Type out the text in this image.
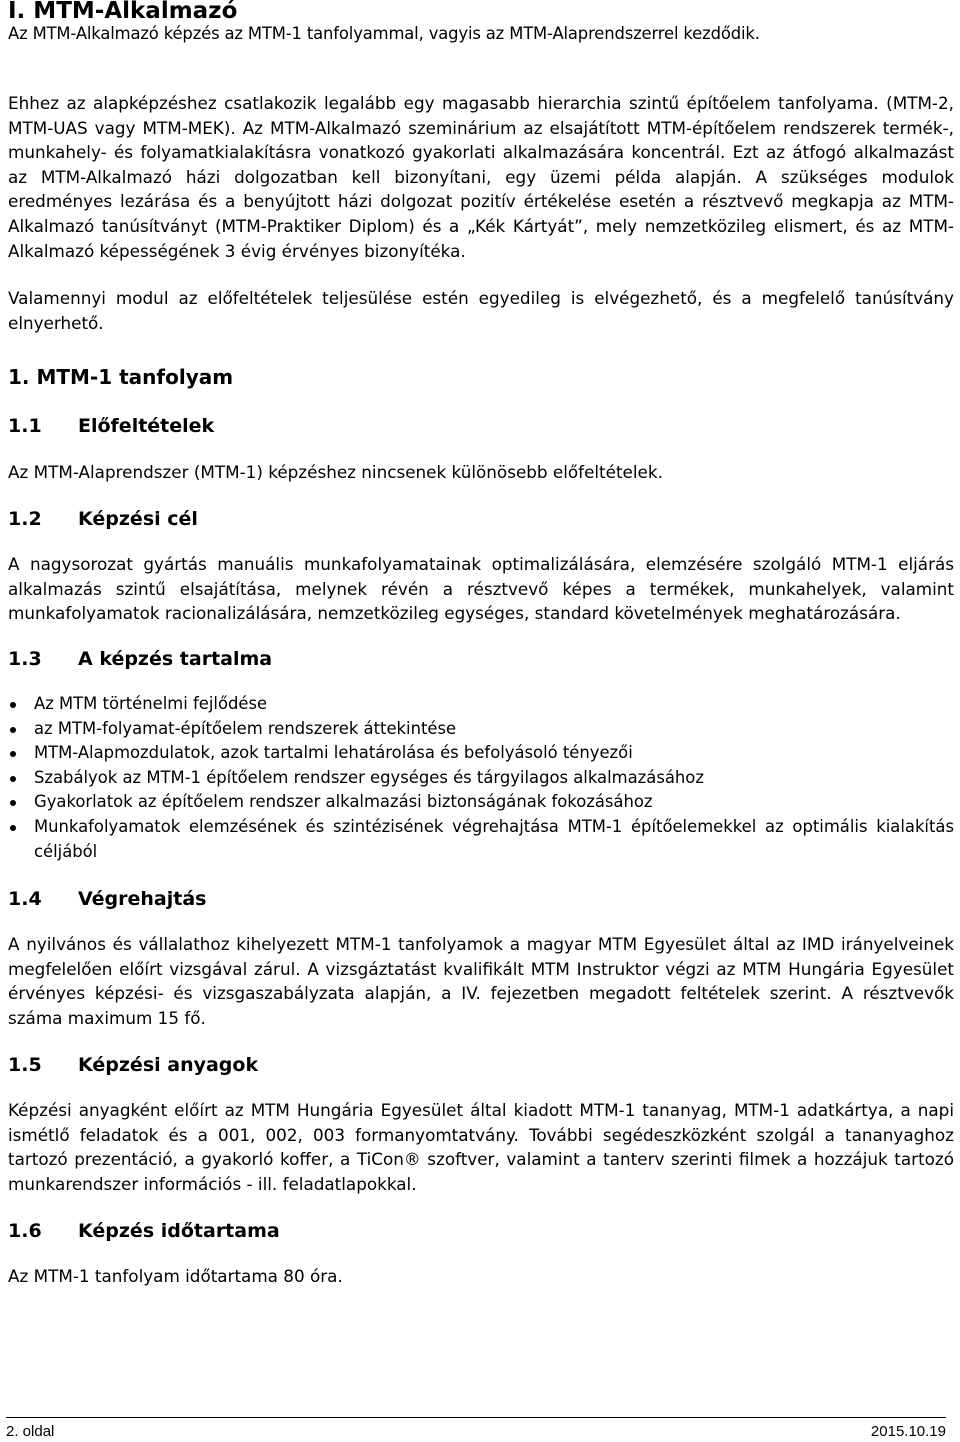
I. MTM-Alkalmazó

Az MTM-Alkalmazó képzés az MTM-1 tanfolyammal, vagyis az MTM-Alaprendszerrel kezdődik.

Ehhez az alapképzéshez csatlakozik legalább egy magasabb hierarchia szintű építőelem tanfolyama. (MTM-2, MTM-UAS vagy MTM-MEK). Az MTM-Alkalmazó szeminárium az elsajátított MTM-építőelem rendszerek termék-, munkahely- és folyamatkialakításra vonatkozó gyakorlati alkalmazására koncentrál. Ezt az átfogó alkalmazást az MTM-Alkalmazó házi dolgozatban kell bizonyítani, egy üzemi példa alapján. A szükséges modulok eredményes lezárása és a benyújtott házi dolgozat pozitív értékelése esetén a résztvevő megkapja az MTM-Alkalmazó tanúsítványt (MTM-Praktiker Diplom) és a „Kék Kártyát”, mely nemzetközileg elismert, és az MTM-Alkalmazó képességének 3 évig érvényes bizonyítéka.

Valamennyi modul az előfeltételek teljesülése estén egyedileg is elvégezhető, és a megfelelő tanúsítvány elnyerhető.

1. MTM-1 tanfolyam
1.1 Előfeltételek

Az MTM-Alaprendszer (MTM-1) képzéshez nincsenek különösebb előfeltételek.

1.2 Képzési cél

A nagysorozat gyártás manuális munkafolyamatainak optimalizálására, elemzésére szolgáló MTM-1 eljárás alkalmazás szintű elsajátítása, melynek révén a résztvevő képes a termékek, munkahelyek, valamint munkafolyamatok racionalizálására, nemzetközileg egységes, standard követelmények meghatározására.

1.3 A képzés tartalma
Az MTM történelmi fejlődése
az MTM-folyamat-építőelem rendszerek áttekintése
MTM-Alapmozdulatok, azok tartalmi lehatárolása és befolyásoló tényezői
Szabályok az MTM-1 építőelem rendszer egységes és tárgyilagos alkalmazásához
Gyakorlatok az építőelem rendszer alkalmazási biztonságának fokozásához
Munkafolyamatok elemzésének és szintézisének végrehajtása MTM-1 építőelemekkel az optimális kialakítás céljából
1.4 Végrehajtás

A nyilvános és vállalathoz kihelyezett MTM-1 tanfolyamok a magyar MTM Egyesület által az IMD irányelveinek megfelelően előírt vizsgával zárul. A vizsgáztatást kvalifikált MTM Instruktor végzi az MTM Hungária Egyesület érvényes képzési- és vizsgaszabályzata alapján, a IV. fejezetben megadott feltételek szerint. A résztvevők száma maximum 15 fő.

1.5 Képzési anyagok

Képzési anyagként előírt az MTM Hungária Egyesület által kiadott MTM-1 tananyag, MTM-1 adatkártya, a napi ismétlő feladatok és a 001, 002, 003 formanyomtatvány. További segédeszközként szolgál a tananyaghoz tartozó prezentáció, a gyakorló koffer, a TiCon® szoftver, valamint a tanterv szerinti filmek a hozzájuk tartozó munkarendszer információs - ill. feladatlapokkal.

1.6 Képzés időtartama

Az MTM-1 tanfolyam időtartama 80 óra.

2. oldal	2015.10.19
